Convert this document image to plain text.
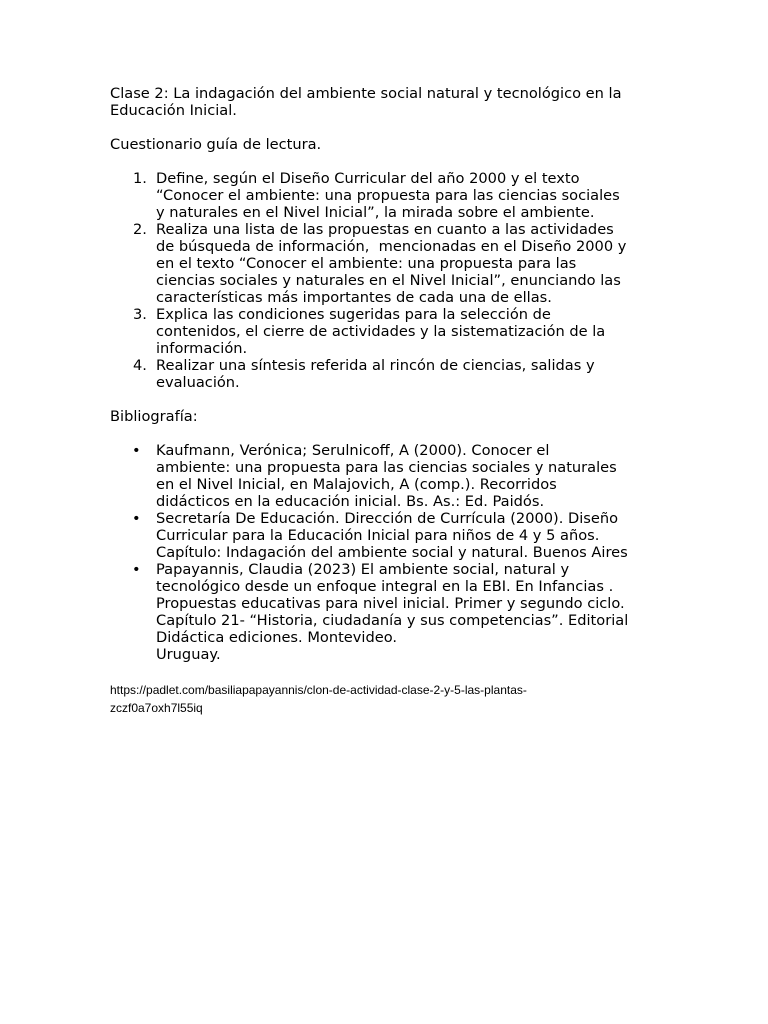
Clase 2: La indagación del ambiente social natural y tecnológico en la
Educación Inicial.

Cuestionario guía de lectura.

1. Define, según el Diseño Curricular del año 2000 y el texto
“Conocer el ambiente: una propuesta para las ciencias sociales
y naturales en el Nivel Inicial”, la mirada sobre el ambiente.
2. Realiza una lista de las propuestas en cuanto a las actividades
de búsqueda de información,  mencionadas en el Diseño 2000 y
en el texto “Conocer el ambiente: una propuesta para las
ciencias sociales y naturales en el Nivel Inicial”, enunciando las
características más importantes de cada una de ellas.
3. Explica las condiciones sugeridas para la selección de
contenidos, el cierre de actividades y la sistematización de la
información.
4. Realizar una síntesis referida al rincón de ciencias, salidas y
evaluación.

Bibliografía:

• Kaufmann, Verónica; Serulnicoff, A (2000). Conocer el
ambiente: una propuesta para las ciencias sociales y naturales
en el Nivel Inicial, en Malajovich, A (comp.). Recorridos
didácticos en la educación inicial. Bs. As.: Ed. Paidós.
• Secretaría De Educación. Dirección de Currícula (2000). Diseño
Curricular para la Educación Inicial para niños de 4 y 5 años.
Capítulo: Indagación del ambiente social y natural. Buenos Aires
• Papayannis, Claudia (2023) El ambiente social, natural y
tecnológico desde un enfoque integral en la EBI. En Infancias .
Propuestas educativas para nivel inicial. Primer y segundo ciclo.
Capítulo 21- “Historia, ciudadanía y sus competencias”. Editorial
Didáctica ediciones. Montevideo.
Uruguay.
https://padlet.com/basiliapapayannis/clon-de-actividad-clase-2-y-5-las-plantas-
zczf0a7oxh7l55iq
